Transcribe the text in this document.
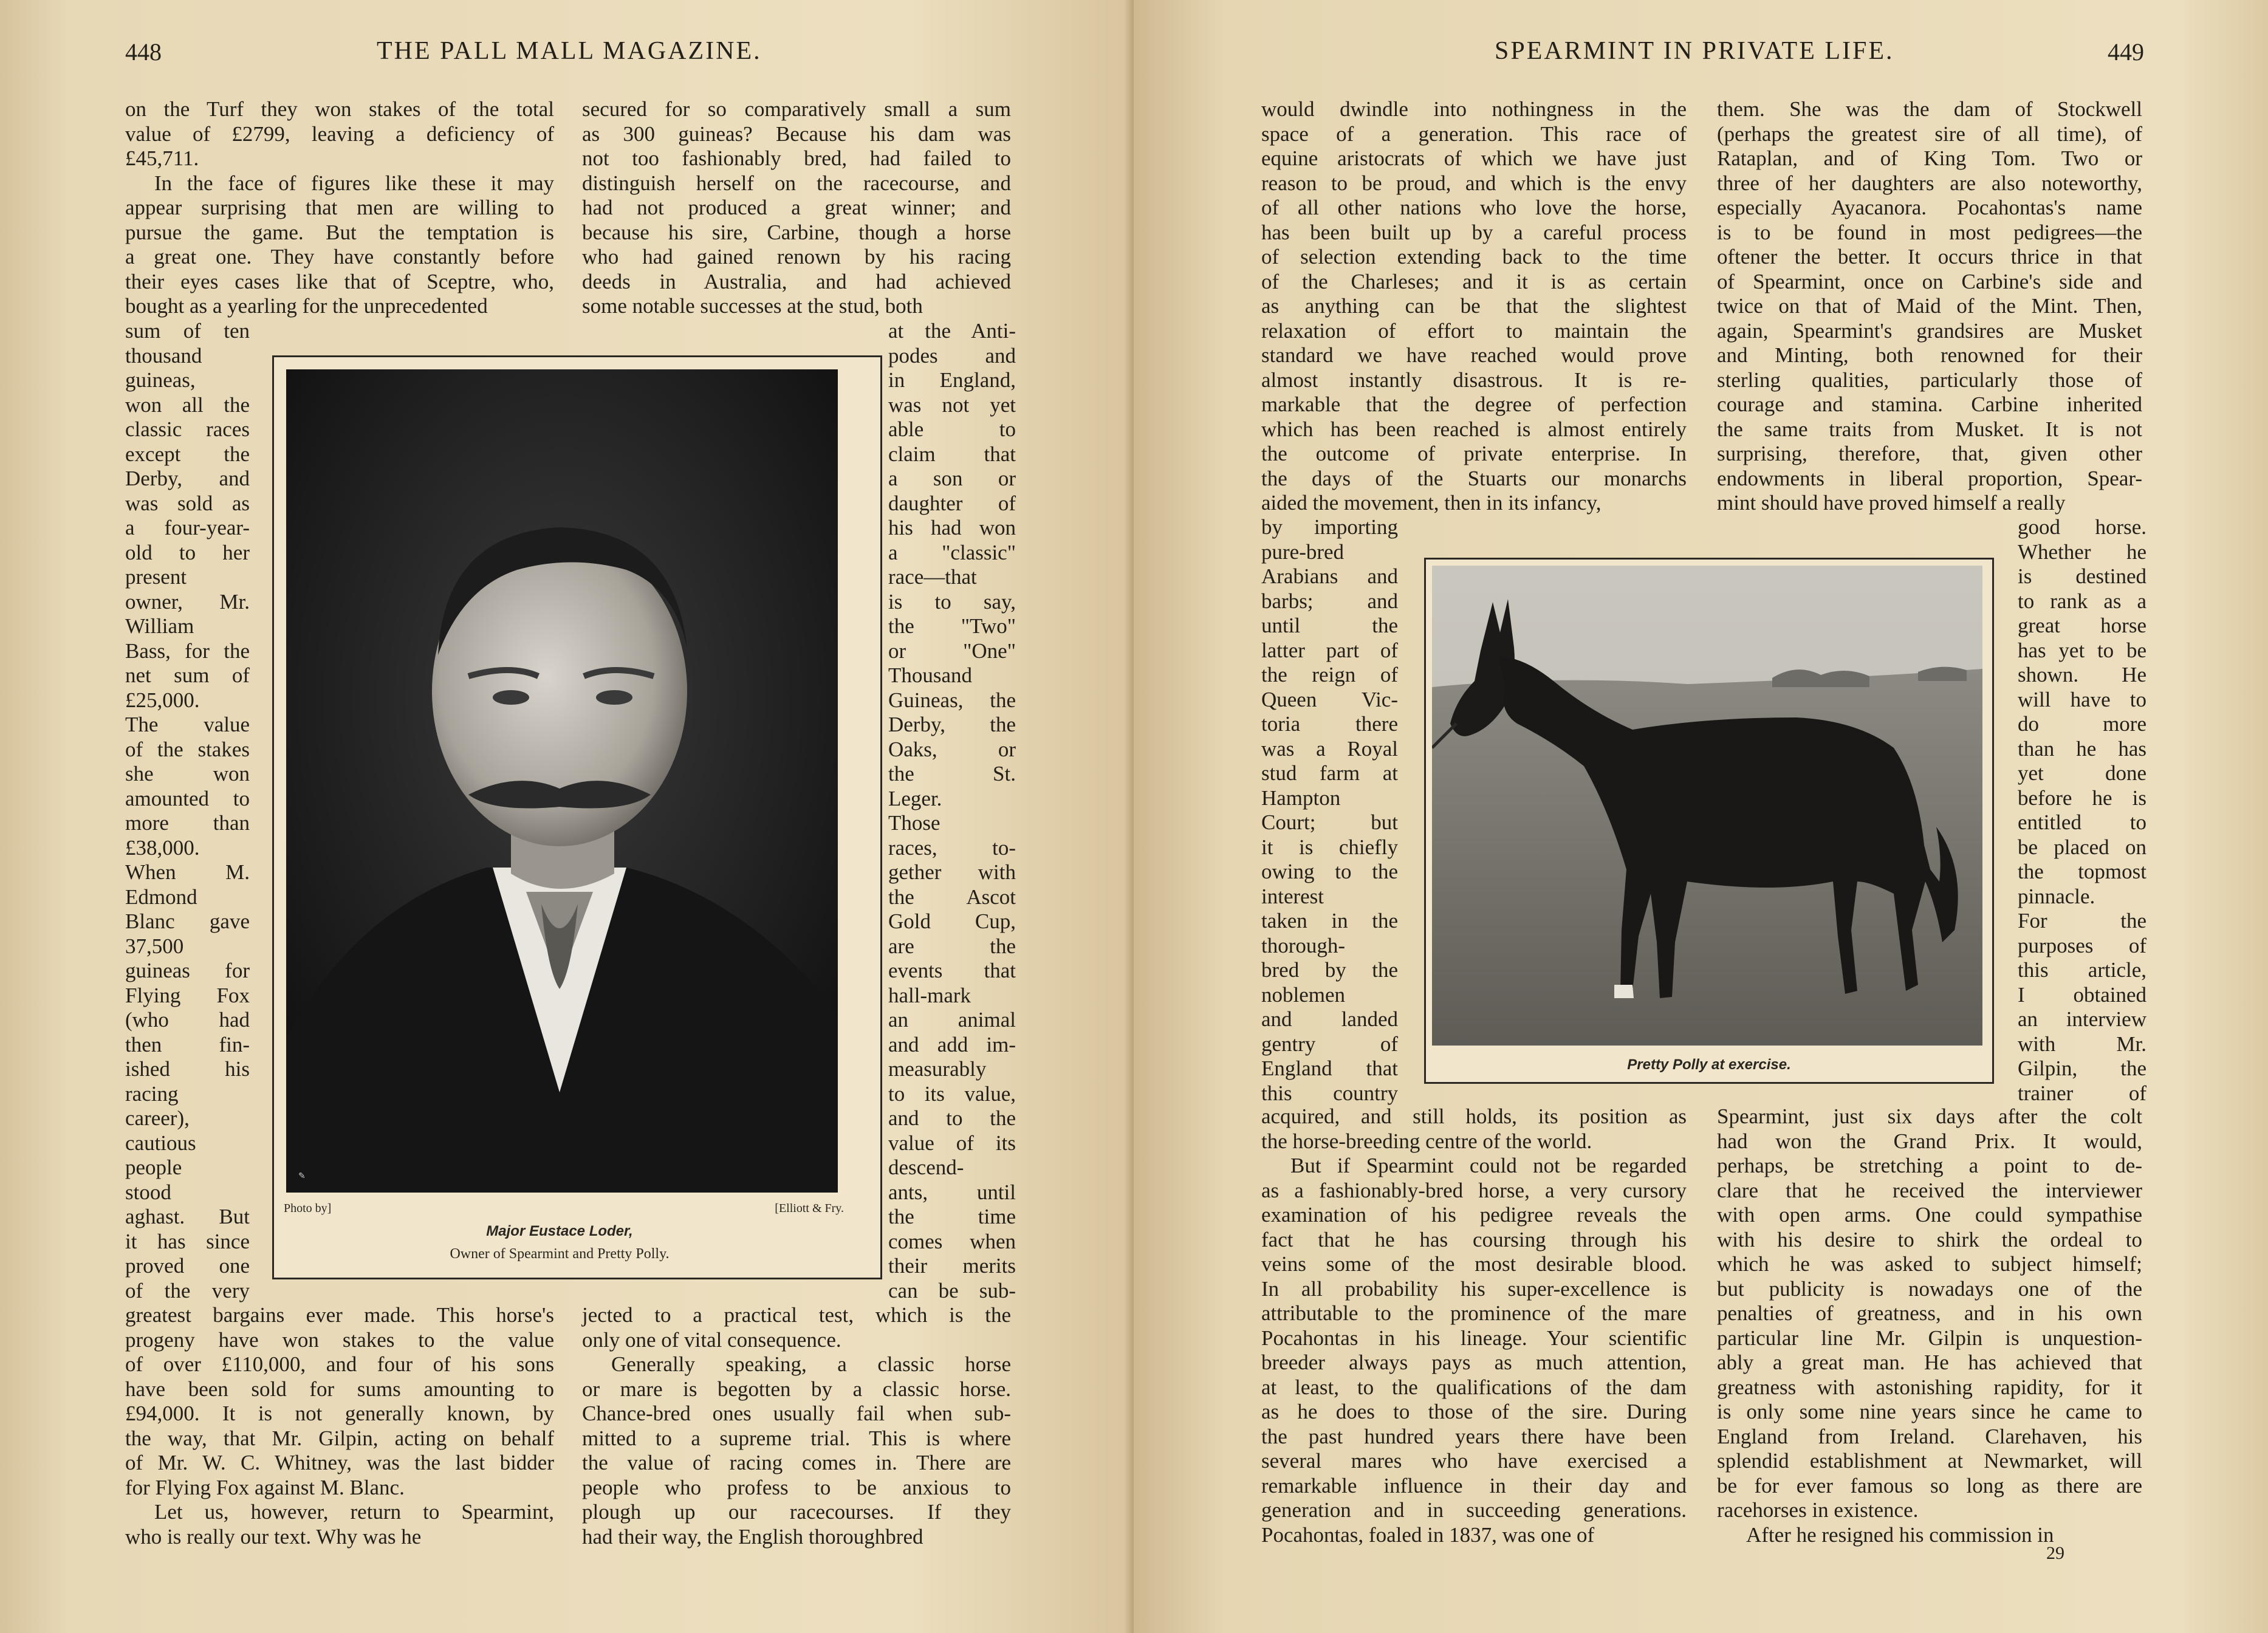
448	THE PALL MALL MAGAZINE.
on the Turf they won stakes of the total
value of £2799, leaving a deficiency of
£45,711.
In the face of figures like these it may
appear surprising that men are willing to
pursue the game. But the temptation is
a great one. They have constantly before
their eyes cases like that of Sceptre, who,
bought as a yearling for the unprecedented
sum of ten
thousand
guineas,
won all the
classic races
except the
Derby, and
was sold as
a four-year-
old to her
present
owner, Mr.
William
Bass, for the
net sum of
£25,000.
The value
of the stakes
she won
amounted to
more than
£38,000.
When M.
Edmond
Blanc gave
37,500
guineas for
Flying Fox
(who had
then fin-
ished his
racing
career),
cautious
people
stood
aghast. But
it has since
proved one
of the very
greatest bargains ever made. This horse's
progeny have won stakes to the value
of over £110,000, and four of his sons
have been sold for sums amounting to
£94,000. It is not generally known, by
the way, that Mr. Gilpin, acting on behalf
of Mr. W. C. Whitney, was the last bidder
for Flying Fox against M. Blanc.
Let us, however, return to Spearmint,
who is really our text. Why was he
secured for so comparatively small a sum
as 300 guineas? Because his dam was
not too fashionably bred, had failed to
distinguish herself on the racecourse, and
had not produced a great winner; and
because his sire, Carbine, though a horse
who had gained renown by his racing
deeds in Australia, and had achieved
some notable successes at the stud, both
at the Anti-
podes and
in England,
was not yet
able to
claim that
a son or
daughter of
his had won
a "classic"
race—that
is to say,
the "Two"
or "One"
Thousand
Guineas, the
Derby, the
Oaks, or
the St.
Leger.
Those
races, to-
gether with
the Ascot
Gold Cup,
are the
events that
hall-mark
an animal
and add im-
measurably
to its value,
and to the
value of its
descend-
ants, until
the time
comes when
their merits
can be sub-
jected to a practical test, which is the
only one of vital consequence.
Generally speaking, a classic horse
or mare is begotten by a classic horse.
Chance-bred ones usually fail when sub-
mitted to a supreme trial. This is where
the value of racing comes in. There are
people who profess to be anxious to
plough up our racecourses. If they
had their way, the English thoroughbred
✎
Photo by]	[Elliott & Fry.
Major Eustace Loder,
Owner of Spearmint and Pretty Polly.
SPEARMINT IN PRIVATE LIFE.	449
would dwindle into nothingness in the
space of a generation. This race of
equine aristocrats of which we have just
reason to be proud, and which is the envy
of all other nations who love the horse,
has been built up by a careful process
of selection extending back to the time
of the Charleses; and it is as certain
as anything can be that the slightest
relaxation of effort to maintain the
standard we have reached would prove
almost instantly disastrous. It is re-
markable that the degree of perfection
which has been reached is almost entirely
the outcome of private enterprise. In
the days of the Stuarts our monarchs
aided the movement, then in its infancy,
by importing
pure-bred
Arabians and
barbs; and
until the
latter part of
the reign of
Queen Vic-
toria there
was a Royal
stud farm at
Hampton
Court; but
it is chiefly
owing to the
interest
taken in the
thorough-
bred by the
noblemen
and landed
gentry of
England that
this country
acquired, and still holds, its position as
the horse-breeding centre of the world.
But if Spearmint could not be regarded
as a fashionably-bred horse, a very cursory
examination of his pedigree reveals the
fact that he has coursing through his
veins some of the most desirable blood.
In all probability his super-excellence is
attributable to the prominence of the mare
Pocahontas in his lineage. Your scientific
breeder always pays as much attention,
at least, to the qualifications of the dam
as he does to those of the sire. During
the past hundred years there have been
several mares who have exercised a
remarkable influence in their day and
generation and in succeeding generations.
Pocahontas, foaled in 1837, was one of
them. She was the dam of Stockwell
(perhaps the greatest sire of all time), of
Rataplan, and of King Tom. Two or
three of her daughters are also noteworthy,
especially Ayacanora. Pocahontas's name
is to be found in most pedigrees—the
oftener the better. It occurs thrice in that
of Spearmint, once on Carbine's side and
twice on that of Maid of the Mint. Then,
again, Spearmint's grandsires are Musket
and Minting, both renowned for their
sterling qualities, particularly those of
courage and stamina. Carbine inherited
the same traits from Musket. It is not
surprising, therefore, that, given other
endowments in liberal proportion, Spear-
mint should have proved himself a really
good horse.
Whether he
is destined
to rank as a
great horse
has yet to be
shown. He
will have to
do more
than he has
yet done
before he is
entitled to
be placed on
the topmost
pinnacle.
For the
purposes of
this article,
I obtained
an interview
with Mr.
Gilpin, the
trainer of
Spearmint, just six days after the colt
had won the Grand Prix. It would,
perhaps, be stretching a point to de-
clare that he received the interviewer
with open arms. One could sympathise
with his desire to shirk the ordeal to
which he was asked to subject himself;
but publicity is nowadays one of the
penalties of greatness, and in his own
particular line Mr. Gilpin is unquestion-
ably a great man. He has achieved that
greatness with astonishing rapidity, for it
is only some nine years since he came to
England from Ireland. Clarehaven, his
splendid establishment at Newmarket, will
be for ever famous so long as there are
racehorses in existence.
After he resigned his commission in
Pretty Polly at exercise.
29
